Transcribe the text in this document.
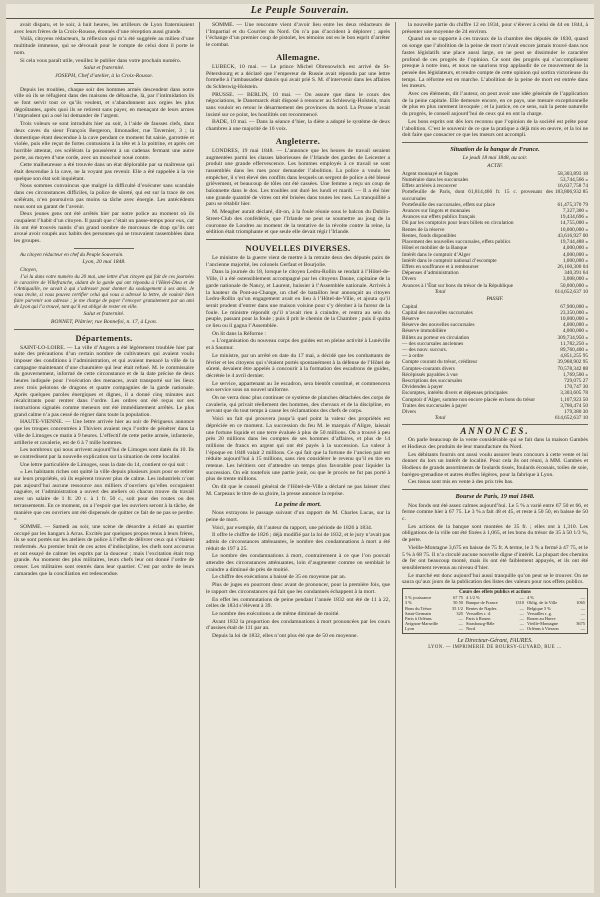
Le Peuple Souverain.

avait disparu, et le soir, à huit heures, les artilleurs de Lyon fraternisaient avec leurs frères de la Croix-Rousse, étonnés d’une réception aussi grande.

Voilà, citoyens rédacteurs, la réflexion qui m’a été suggérée au milieu d’une multitude immense, qui se dévouait pour le compte de celui dont il porte le nom.

Si cela vous paraît utile, veuillez le publier dans votre prochain numéro.

Salut et fraternité.

JOSEPH, Chef d’atelier, à la Croix-Rousse.

Depuis les troubles, chaque soir des hommes armés descendent dans notre ville où ils se réfugient dans des maisons de débauche, là, par l’intimidation ils se font servir tout ce qu’ils veulent, et s’abandonnent aux orgies les plus dégoûtantes, après quoi ils se retirent sans payer, en menaçant de leurs armes l’imprudent qui a osé lui demander de l’argent.

Trois voleurs se sont introduits hier au soir, à l’aide de fausses clefs, dans deux caves du sieur François Bergeron, limonadier, rue Tavernier, 3 ; la domestique étant descendue à la cave pendant ce moment fut saisie, garrottée et violée, puis elle reçut de fortes contusions à la tête et à la poitrine, et après cet horrible attentat, ces scélérats la poussèrent à un cadenas fermant une autre porte, au moyen d’une corde, avec un mouchoir noué contre.

Cette malheureuse a été trouvée dans un état déplorable par sa maîtresse qui était descendue à la cave, ne la voyant pas revenir. Elle a été rappelée à la vie quelque son état soit inquiétant.

Nous sommes convaincus que malgré la difficulté d’exécuter sans scandale dans ces circonstances difficiles, la police de sûreté, qui est sur la trace de ces scélérats, n’en poursuivra pas moins sa tâche avec énergie. Les antécédents nous sont un garant de l’avenir.

Deux jeunes gens ont été arrêtés hier par notre police au moment où ils coupaient l’habit d’un citoyen. Il paraît que c’était un passe-temps pour eux, car ils ont été trouvés nantis d’un grand nombre de morceaux de drap qu’ils ont avoué avoir coupés aux habits des personnes qui se trouvaient rassemblées dans les groupes.

Au citoyen rédacteur en chef du Peuple Souverain.

Lyon, 20 mai 1848.

Citoyen,

J’ai lu dans votre numéro du 20 mai, une lettre d’un citoyen qui fait de ces journées le caractère de Villefranche, aidant de la garde qui ont répondu à l’Hôtel-Dieu et de l’Antiquaille, ne savait à qui s’adresser pour donner du soulagement à ses amis. Je vous invite, si vous pouvez certifier celui qui vous a adressé la lettre, de vouloir bien faire parvenir son adresse ; je me charge de payer l’envoyer gratuitement par un ami de Lyon qui l’a trouvé, tant qu’il est obligé de rester en ville.

Salut et fraternité.

BONNET, Plâtrier, rue Bonnefoi, n. 17, à Lyon.

Départements.

SAINT-LO-LOIRE. — La ville d’Angers a été légèrement troublée hier par suite des précautions d’un certain nombre de cultivateurs qui avaient voulu imposer des conditions à l’administration, et qui avaient menacé la ville de la campagne maintenant d’une chaumière qui leur était refusé. M. le commissaire du gouvernement, informé de cette circonstance et de la date précise de deux heures indiquée pour l’exécution des menaces, avait transporté sur les lieux avec trois pelotons de dragons et quatre compagnies de la garde nationale. Après quelques paroles énergiques et dignes, il a donné cinq minutes aux récalcitrants pour rentrer dans l’ordre. Les ordres ont été reçus sur ses instructions signalés comme meneurs ont été immédiatement arrêtés. Le plus grand calme n’a pas cessé de régner dans toute la population.

HAUTE-VIENNE. — Une lettre arrivée hier au soir de Périgueux annonce que les troupes concentrées à Thiviers avaient reçu l’ordre de pénétrer dans la ville de Limoges ce matin à 9 heures. L’effectif de cette petite armée, infanterie, artillerie et cavalerie, est de 6 à 7 mille hommes.

Les nombreux qui nous arrivent aujourd’hui de Limoges sont datés du 10. Ils se contredisent par la nouvelle explication sur la situation de cette localité.

Une lettre particulière de Limoges, sous la date du 14, contient ce qui suit :

« Les habitants riches ont quitté la ville depuis plusieurs jours pour se retirer sur leurs propriétés, où ils espèrent trouver plus de calme. Les industriels n’ont pas aujourd’hui aucune ressource aux milliers d’ouvriers qu’elles occupaient naguère, et l’administration a ouvert des ateliers où chacun trouve du travail avec un salaire de 1 fr. 20 c. à 1 fr. 50 c., soit pour des routes ou des terrassements. En ce moment, on a l’espoir que les ouvriers seront à la tâche, de manière que ces ouvriers ont été dispensés de quitter ce fait de ne pas se perdre. »

SOMME. — Samedi au soir, une scène de désordre a éclaté au quartier occupé par les hangars à Arras. Excités par quelques propos tenus à leurs frères, ils se sont portés sur les ateliers de police à l’effet de délivrer ceux qui s’étaient renfermés. Au premier bruit de ces actes d’indiscipline, les chefs sont accourus et ont essayé de calmer les esprits par la douceur ; mais l’excitation était trop grande. Au moment des plus militaires, leurs chefs leur ont donné l’ordre de cesser. Les militaires sont rentrés dans leur quartier. C’est par ordre de leurs camarades que la conciliation est redescendue.

SOMME. — Une rencontre vient d’avoir lieu entre les deux rédacteurs de l’Impartial et du Courrier du Nord. On n’a pas d’accident à déplorer ; après l’échange d’un premier coup de pistolet, les témoins ont eu le bon esprit d’arrêter le combat.

Allemagne.

LUBECK, 10 mai. — Le prince Michel Obrenowitch est arrivé de St-Pétersbourg et a déclaré que l’empereur de Russie avait répondu par une lettre formelle à l’ambassadeur danois qui avait prié S. M. d’intervenir dans les affaires du Schleswig-Holstein.

PRUSSE. — BERLIN, 10 mai. — On assure que dans le cours des négociations, le Danemarck était disposé à renoncer au Schleswig-Holstein, mais sans vouloir en retour le désarmement des provinces du nord. La Prusse n’avait insisté sur ce point, les hostilités ont recommencé.

BADE, 10 mai. — Dans la séance d’hier, la diète a adopté le système de deux chambres à une majorité de 16 voix.

Angleterre.

LONDRES, 19 mai 1848. — L’annonce que les heures de travail seraient augmentées parmi les classes laborieuses de l’Irlande des gardes de Leicester a produit une grande effervescence. Les hommes employés à ce travail se sont rassemblés dans les rues pour demander l’abolition. La police a voulu les empêcher, il s’est élevé des conflits dans lesquels un sergent de police a été blessé grièvement, et beaucoup de tôles ont été cassées. Une femme a reçu un coup de baïonnette dans le dos. Les troubles ont duré les lundi et mardi. — Il a été hier une grande quantité de vitres ont été brisées dans toutes les rues. La tranquillité a paru se rétablir hier.

M. Meagher aurait déclaré, dit-on, à la foule réunie sous le balcon du Dublin-Street-Club des confédérés, que l’Irlande ne peut se soumettre au joug de la couronne de Londres au moment de la tentative de la révolte contre la reine, la sédition était triomphante et que seule elle devait régir l’Irlande.

NOUVELLES DIVERSES.

Le ministre de la guerre vient de mettre à la retraite deux des députés pairs de l’ancienne majorité, les colonels Gerfaut et Bourjolie.

Dans la journée du 18, lorsque le citoyen Ledru-Rollin se rendait à l’Hôtel-de-Ville, il a été ostensiblement accompagné par les citoyens Daune, capitaine de la garde nationale de Nancy, et Laurent, huissier à l’Assemblée nationale. Arrivés à la hauteur du Pont-au-Change, un chef de bataillon leur annonçait au citoyen Ledru-Rollin qu’un engagement avait eu lieu à l’Hôtel-de-Ville, et ajouta qu’il serait prudent d’entrer dans une maison voisine pour s’y dérober à la fureur de la foule. Le ministre répondit qu’il n’avait rien à craindre, et rentra au sein du peuple, passant pour la foule ; puis il prit le chemin de la Chambre ; puis il quitta ce lieu ou il gagna l’Assemblée.

On lit dans la Réforme :

« L’organisation du nouveau corps des guides est en pleine activité à Lunéville et à Saumur.

Le ministre, par un arrêté en date du 17 mai, a décidé que les combattants de février et les citoyens qui s’étaient portés spontanément à la défense de l’Hôtel de sûreté, devaient être appelés à concourir à la formation des escadrons de guides, décrétée le 4 avril dernier.

Le service, appartenant au 3e escadron, sera bientôt constitué, et commencera son service sous un nouvel uniforme.

On ne verra donc plus continuer ce système de planches détachées des corps de cavalerie, qui privait réellement des hommes, des chevaux et de la discipline, en servant que du tout temps à cause les réclamations des chefs de corps.

Voici un fait qui prouvera jusqu’à quel point la valeur des propriétés est dépréciée en ce moment. La succession du feu M. le marquis d’Aligre, laissait une fortune liquide et une terre évaluée à plus de 50 millions. On a trouvé à peu près 20 millions dans les comptes de ses hommes d’affaires, et plus de 14 millions de francs en argent qui ont été payés à la succession. La valeur à l’époque en 1848 valait 2 millions. Ce qui fait que la fortune de l’ancien pair est réduite aujourd’hui à 15 millions, sans rien considérer le revenu qu’il en tire en retenue. Les héritiers ont d’attendre un temps plus favorable pour liquider la succession. On eût toutefois une partie jouir, ou que le procès ne fut pas porté à plus de trente millions.

On dit que le conseil général de l’Hôtel-de-Ville a déclaré ne pas laisser chez M. Carpeaux le titre de sa gloire, la presse annonce la reprise.

La peine de mort.

Nous extrayons le passage suivant d’un rapport de M. Charles Lucas, sur la peine de mort.

Voici, par exemple, dit l’auteur du rapport, une période de 1826 à 1834.

Il offre le chiffre de 1826 ; déjà modifié par la loi de 1832, et le jury n’avait pas admis de circonstances atténuantes, le nombre des condamnations à mort a été réduit de 197 à 25.

Le nombre des condamnations à mort, contrairement à ce que l’on pouvait attendre des circonstances atténuantes, loin d’augmenter comme on semblait le craindre a diminué de près de moitié.

Le chiffre des exécutions a baissé de 35 en moyenne par an.

Plus de juges en pourront donc avant de prononcer, pour la première fois, que le rapport des circonstances qui fait que les condamnés échappent à la mort.

En effet les commutations de peine pendant l’année 1832 ont été de 11 à 22, celles de 1834 s’élèvent à 39.

Le nombre des exécutions a de même diminué de moitié.

Avant 1832 la proportion des condamnations à mort prononcées par les cours d’assises était de 111 par an.

Depuis la loi de 1832, elles n’ont plus été que de 50 en moyenne.

la nouvelle partie du chiffre 12 en 1834, pour s’élever à celui de 44 en 1844, à présenter une moyenne de 24 environ.

Quand on se rapporte à ces travaux de la chambre des députés de 1830, quand on songe que l’abolition de la peine de mort n’avait encore jamais trouvé dans nos fastes législatifs une place aussi large, on ne peut se dissimuler le caractère profond de ces progrès de l’opinion. Ce sont des progrès qui s’accomplissent presque à notre insu, et nous ne saurions trop applaudir de ce mouvement de la pensée des législateurs, et rendre compte de cette opinion qui sortira victorieuse du temps. La réforme est en marche. L’abolition de la peine de mort est entrée dans les mœurs.

Avec ces éléments, dit l’auteur, on peut avoir une idée générale de l’application de la peine capitale. Elle demeure encore, en ce pays, une mesure exceptionnelle de plus en plus rarement invoquée ; et la justice, en ce sens, suit la pente naturelle du progrès, le conseil aujourd’hui de ceux qui en ont la charge.

Les bons esprits ont dès lors reconnu que l’opinion de la société est prête pour l’abolition. C’est le souvenir de ce que la pratique a déjà mis en œuvre, et la loi ne doit faire que consacrer ce que les mœurs ont accompli.

Situation de la banque de France.
Le jeudi 18 mai 1848, au soir.
ACTIF.
Argent monnayé et lingots	58,303,893 18
Numéraire dans les succursales	53,744,566 »
Effets arriérés à recouvrer	16,637,758 74
Portefeuille de Paris, dont 61,814,466 fr. 15 c. provenant des succursales	183,806,932 85
Portefeuille des succursales, effets sur place	61,475,370 79
Avances sur lingots et monnaies	7,327,300 »
Avances sur effets publics français	19,434,696 »
Dû par les comptoirs pour leurs billets en circulation	14,755,000 »
Rentes de la réserve	10,000,000 »
Rentes, fonds disponibles	43,616,927 00
Placement des nouvelles succursales, effets publics	19,744,488 »
Hôtel et mobilier de la Banque	4,000,000 »
Intérêt dans le comptoir d’Alger	4,000,000 »
Intérêt dans le comptoir national d’escompte	1,000,000 »
Effets en souffrance et à rembourser	26,160,300 04
Dépenses d’administration	340,391 64
Divers	3,008,000 »
Avances à l’État sur bons du trésor de la République	50,000,000 »
Total	614,652,637 10
PASSIF.
Capital	67,900,000 »
Capital des nouvelles succursales	23,350,000 »
Réserve	10,000,000 »
Réserve des nouvelles succursales	4,000,000 »
Réserve immobilière	4,000,000 »
Billets au porteur en circulation	309,734,950 »
— des succursales anciennes	11,782,250 »
— des nouv. succurs.	89,760,400 »
— à ordre	4,851,255 95
Compte courant du trésor, créditeur	39,968,902 95
Comptes-courants divers	70,578,342 88
Récépissés payables à vue	1,769,500 »
Rescriptions des succursales	729,075 27
Dividendes à payer	170,747 30
Escomptes, intérêts divers et dépenses principales	3,303,605 78
Comptoir d’Alger, somme non encore placée en bons du trésor	1,107,923 50
Traites des succursales à payer	3,760,474 50
Divers	179,380 30
Total	614,652,637 10
ANNONCES.

On parle beaucoup de la vente considérable qui se fait dans la maison Gambès et Hodieux des produits de leur manufacture du Nord.

Les débitants fournis ont aussi voulu assurer leurs concours à cette vente et lui donner du lors un intérêt de localité. Pour cela ils ont réuni, à MM. Gambès et Hodieux de grands assortiments de foulards tissés, foulards écossais, toiles de soie, barèges-grenadine et autres étoffes légères, pour la fabrique à Lyon.

Ces tissus sont mis en vente à des prix très bas.

Bourse de Paris, 19 mai 1848.

Nos fonds ont été assez calmes aujourd’hui. Le 5 % a varié entre 67 50 et 66, et ferme comme hier à 67 75. Le 3 % a fait 48 et 45, et reste à 50 50, en baisse de 50 c.

Les actions de la banque sont montées de 35 fr. ; elles ont à 1,310. Les obligations de la ville ont été fixées à 1,065, et les bons du trésor de 35 à 50 1/3 %, de perte.

Vieille-Montagne 3,675 en baisse de 75 fr. A terme, le 3 % a fermé à 47 75, et le 5 % à 68 75. Il n’a circulé aucune nouvelle digne d’intérêt. La plupart des chemins de fer ont beaucoup monté, mais ils ont été faiblement appuyés, et ils ont été sensiblement revenus au niveau d’hier.

Le marché est donc aujourd’hui aussi tranquille qu’on peut se le trouver. On ne saura qu’aux jours de la publication des listes des valeurs pour nos effets publics.

Cours des effets publics et actions
5 % jouissance	67 75 4 1/2 %	— 4 %	—
3 %	50 50 Banque de France	1310 Oblig. de la Ville	1065
Bons du Trésor	35 1/2 Rentes de Naples	— Belgique 5 %	—
Saint-Germain	325 Versailles r. d.	— Versailles r. g.	—
Paris à Orléans	— Paris à Rouen	— Rouen au Havre	—
Avignon-Marseille	— Strasbourg-Bâle	— Vieille-Montagne	3675
Lyon	— Nord	— Orléans à Vierzon	—
Le Directeur-Gérant, FAURES.
LYON. — IMPRIMERIE DE BOURSY-GUYARD, RUE …
